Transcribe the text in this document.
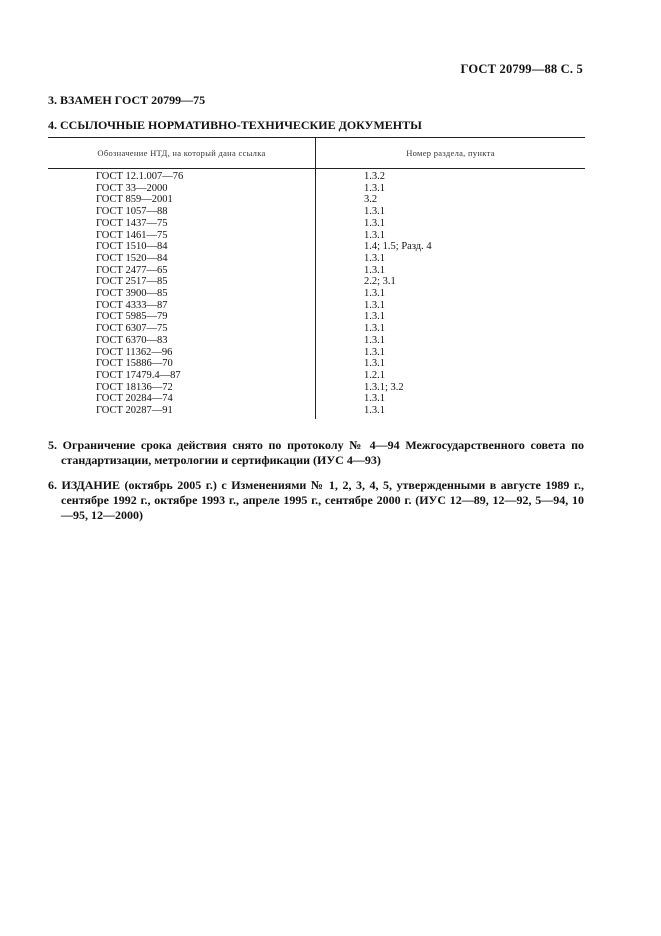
ГОСТ 20799—88 С. 5
3. ВЗАМЕН ГОСТ 20799—75
4. ССЫЛОЧНЫЕ НОРМАТИВНО-ТЕХНИЧЕСКИЕ ДОКУМЕНТЫ
Обозначение НТД, на который дана ссылка	Номер раздела, пункта
ГОСТ 12.1.007—76	1.3.2
ГОСТ 33—2000	1.3.1
ГОСТ 859—2001	3.2
ГОСТ 1057—88	1.3.1
ГОСТ 1437—75	1.3.1
ГОСТ 1461—75	1.3.1
ГОСТ 1510—84	1.4; 1.5; Разд. 4
ГОСТ 1520—84	1.3.1
ГОСТ 2477—65	1.3.1
ГОСТ 2517—85	2.2; 3.1
ГОСТ 3900—85	1.3.1
ГОСТ 4333—87	1.3.1
ГОСТ 5985—79	1.3.1
ГОСТ 6307—75	1.3.1
ГОСТ 6370—83	1.3.1
ГОСТ 11362—96	1.3.1
ГОСТ 15886—70	1.3.1
ГОСТ 17479.4—87	1.2.1
ГОСТ 18136—72	1.3.1; 3.2
ГОСТ 20284—74	1.3.1
ГОСТ 20287—91	1.3.1
5. Ограничение срока действия снято по протоколу № 4—94 Межгосударственного совета по стандартизации, метрологии и сертификации (ИУС 4—93)
6. ИЗДАНИЕ (октябрь 2005 г.) с Изменениями № 1, 2, 3, 4, 5, утвержденными в августе 1989 г., сентябре 1992 г., октябре 1993 г., апреле 1995 г., сентябре 2000 г. (ИУС 12—89, 12—92, 5—94, 10—95, 12—2000)
